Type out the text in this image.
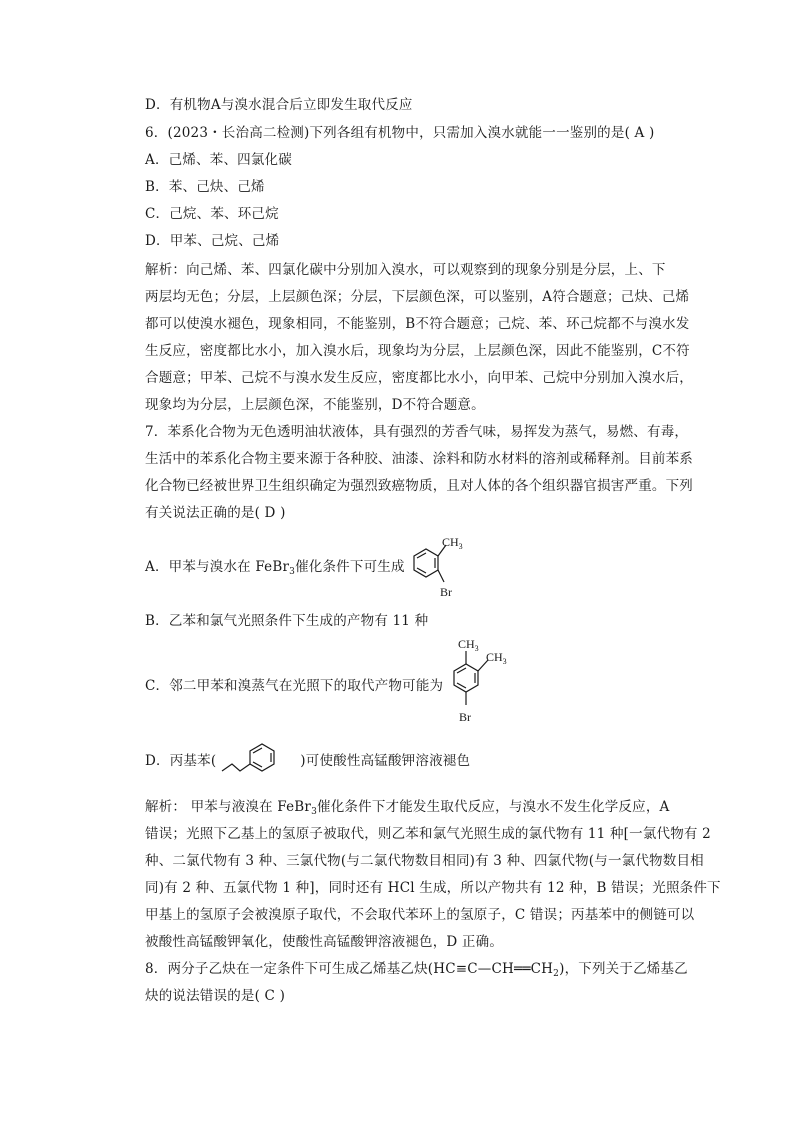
D．有机物A与溴水混合后立即发生取代反应
6．(2023・长治高二检测)下列各组有机物中，只需加入溴水就能一一鉴别的是( A )
A．己烯、苯、四氯化碳
B．苯、己炔、己烯
C．己烷、苯、环己烷
D．甲苯、己烷、己烯
解析：向己烯、苯、四氯化碳中分别加入溴水，可以观察到的现象分别是分层，上、下
两层均无色；分层，上层颜色深；分层，下层颜色深，可以鉴别，A符合题意；己炔、己烯
都可以使溴水褪色，现象相同，不能鉴别，B不符合题意；己烷、苯、环己烷都不与溴水发
生反应，密度都比水小，加入溴水后，现象均为分层，上层颜色深，因此不能鉴别，C不符
合题意；甲苯、己烷不与溴水发生反应，密度都比水小，向甲苯、己烷中分别加入溴水后，
现象均为分层，上层颜色深，不能鉴别，D不符合题意。
7．苯系化合物为无色透明油状液体，具有强烈的芳香气味，易挥发为蒸气，易燃、有毒，
生活中的苯系化合物主要来源于各种胶、油漆、涂料和防水材料的溶剂或稀释剂。目前苯系
化合物已经被世界卫生组织确定为强烈致癌物质，且对人体的各个组织器官损害严重。下列
有关说法正确的是( D )
A．甲苯与溴水在 FeBr$_3$催化条件下可生成
$CH_3$
Br
B．乙苯和氯气光照条件下生成的产物有 11 种
C．邻二甲苯和溴蒸气在光照下的取代产物可能为
$CH_3$
$CH_3$
Br
D．丙基苯(	)可使酸性高锰酸钾溶液褪色
解析： 甲苯与液溴在 FeBr$_3$催化条件下才能发生取代反应，与溴水不发生化学反应，A
错误；光照下乙基上的氢原子被取代，则乙苯和氯气光照生成的氯代物有 11 种[一氯代物有 2
种、二氯代物有 3 种、三氯代物(与二氯代物数目相同)有 3 种、四氯代物(与一氯代物数目相
同)有 2 种、五氯代物 1 种]，同时还有 HCl 生成，所以产物共有 12 种，B 错误；光照条件下
甲基上的氢原子会被溴原子取代，不会取代苯环上的氢原子，C 错误；丙基苯中的侧链可以
被酸性高锰酸钾氧化，使酸性高锰酸钾溶液褪色，D 正确。
8．两分子乙炔在一定条件下可生成乙烯基乙炔$(HC\equiv C—CH══CH_2)$，下列关于乙烯基乙
炔的说法错误的是( C )
